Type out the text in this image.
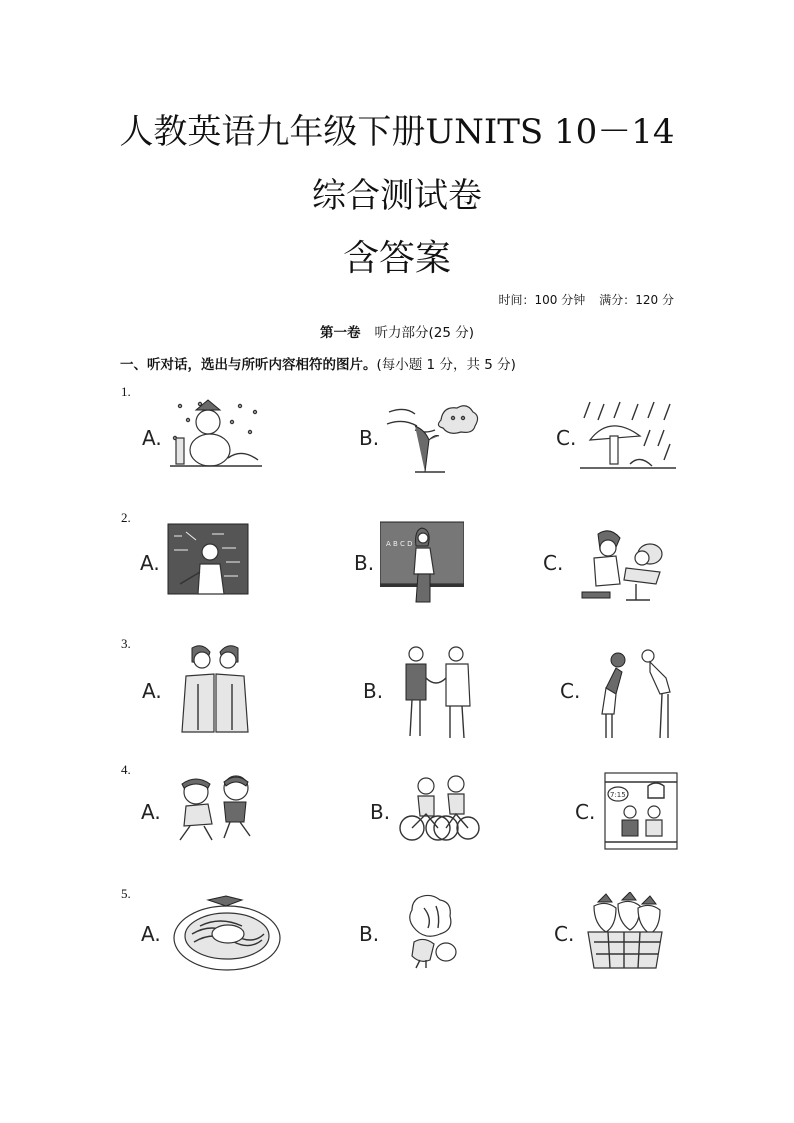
人教英语九年级下册UNITS 10－14
综合测试卷
含答案
时间：100 分钟 满分：120 分
第一卷 听力部分(25 分)
一、听对话，选出与所听内容相符的图片。(每小题 1 分，共 5 分)
1.
A.	B.	C.
2.
A.	B.	C.
A B C D
3.
A.	B.	C.
4.
A.	B.	C.
7:15
5.
A.	B.	C.
